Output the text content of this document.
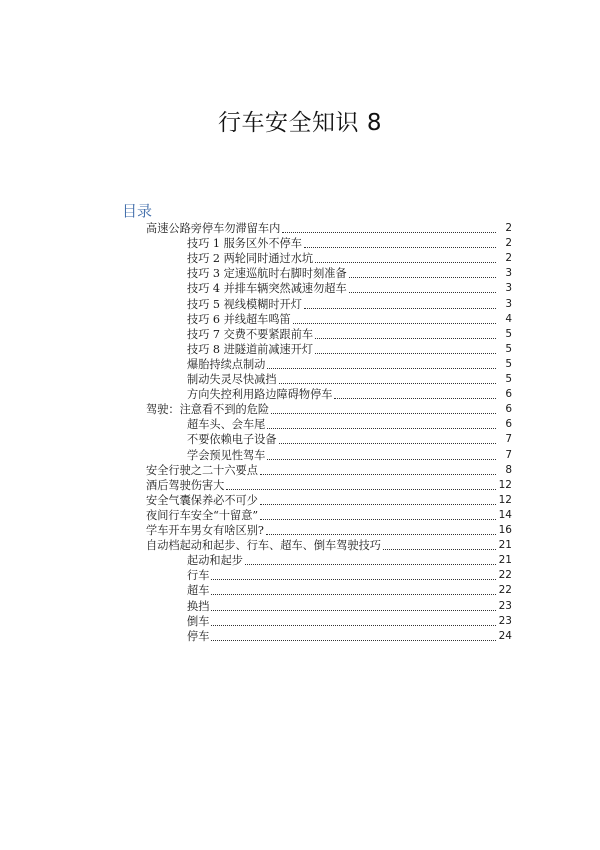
行车安全知识 8
目录
高速公路旁停车勿滞留车内	2
技巧 1 服务区外不停车	2
技巧 2 两轮同时通过水坑	2
技巧 3 定速巡航时右脚时刻准备	3
技巧 4 并排车辆突然减速勿超车	3
技巧 5 视线模糊时开灯	3
技巧 6 并线超车鸣笛	4
技巧 7 交费不要紧跟前车	5
技巧 8 进隧道前减速开灯	5
爆胎持续点制动	5
制动失灵尽快减挡	5
方向失控利用路边障碍物停车	6
驾驶：注意看不到的危险	6
超车头、会车尾	6
不要依赖电子设备	7
学会预见性驾车	7
安全行驶之二十六要点	8
酒后驾驶伤害大	12
安全气囊保养必不可少	12
夜间行车安全“十留意”	14
学车开车男女有啥区别?	16
自动档起动和起步、行车、超车、倒车驾驶技巧	21
起动和起步	21
行车	22
超车	22
换挡	23
倒车	23
停车	24
